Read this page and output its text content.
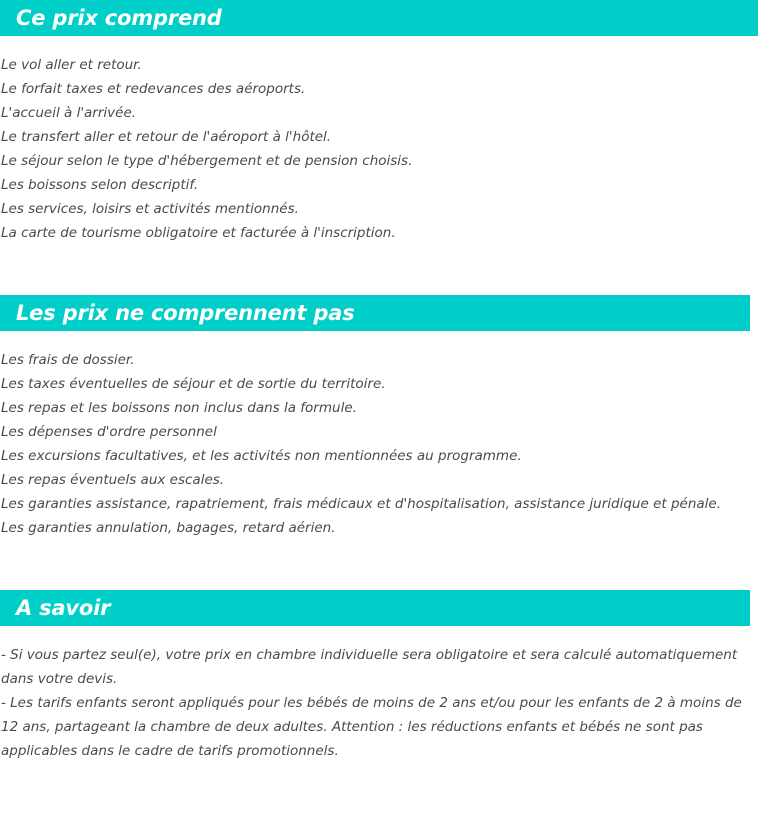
Ce prix comprend
Le vol aller et retour.
Le forfait taxes et redevances des aéroports.
L'accueil à l'arrivée.
Le transfert aller et retour de l'aéroport à l'hôtel.
Le séjour selon le type d'hébergement et de pension choisis.
Les boissons selon descriptif.
Les services, loisirs et activités mentionnés.
La carte de tourisme obligatoire et facturée à l'inscription.
Les prix ne comprennent pas
Les frais de dossier.
Les taxes éventuelles de séjour et de sortie du territoire.
Les repas et les boissons non inclus dans la formule.
Les dépenses d'ordre personnel
Les excursions facultatives, et les activités non mentionnées au programme.
Les repas éventuels aux escales.
Les garanties assistance, rapatriement, frais médicaux et d'hospitalisation, assistance juridique et pénale.
Les garanties annulation, bagages, retard aérien.
A savoir
- Si vous partez seul(e), votre prix en chambre individuelle sera obligatoire et sera calculé automatiquement dans votre devis.
- Les tarifs enfants seront appliqués pour les bébés de moins de 2 ans et/ou pour les enfants de 2 à moins de 12 ans, partageant la chambre de deux adultes. Attention : les réductions enfants et bébés ne sont pas applicables dans le cadre de tarifs promotionnels.
